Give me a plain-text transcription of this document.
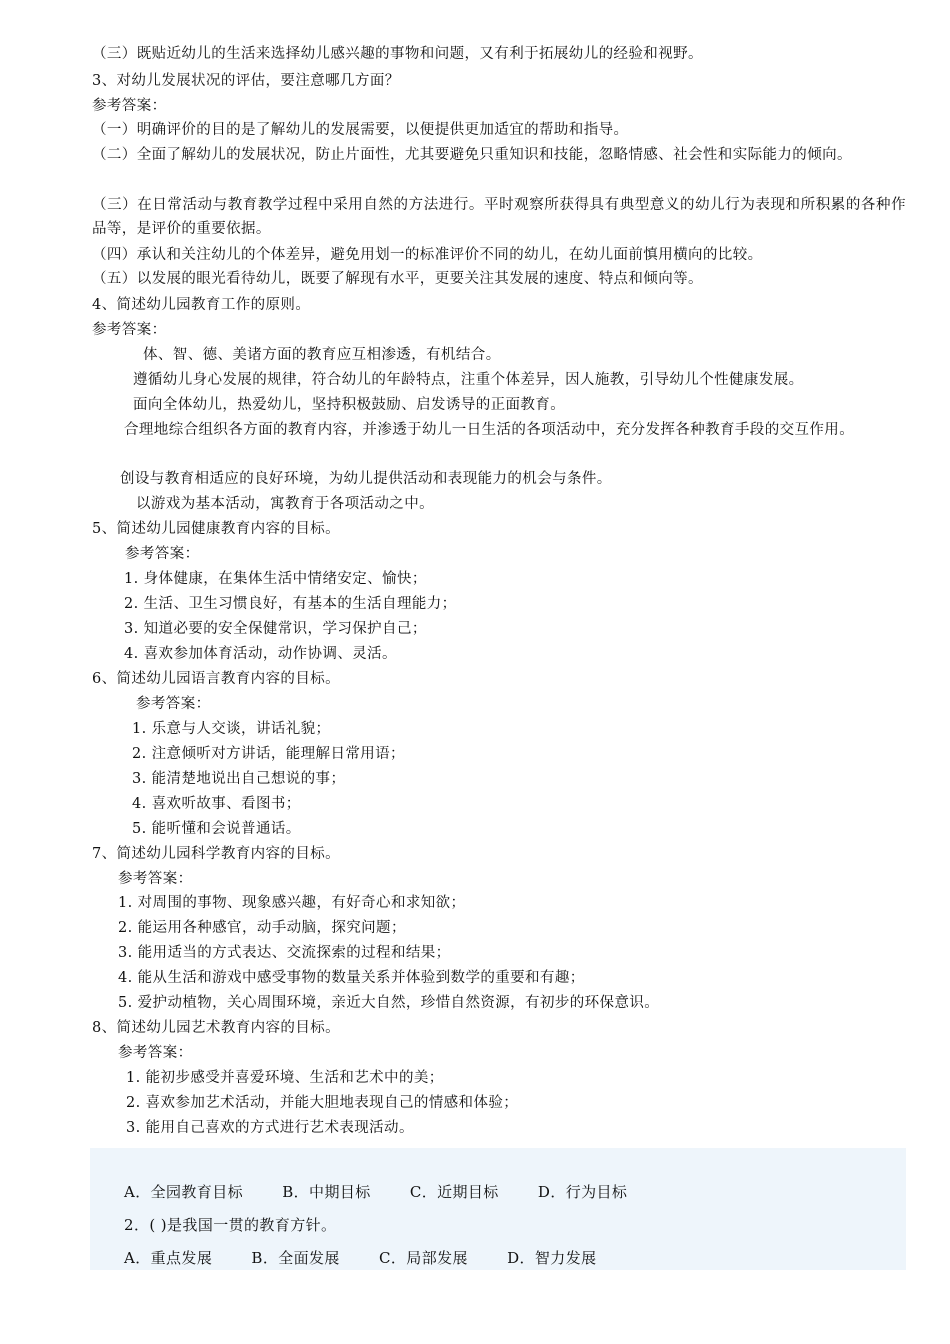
（三）既贴近幼儿的生活来选择幼儿感兴趣的事物和问题，又有利于拓展幼儿的经验和视野。
3、对幼儿发展状况的评估，要注意哪几方面？
参考答案：
（一）明确评价的目的是了解幼儿的发展需要，以便提供更加适宜的帮助和指导。
（二）全面了解幼儿的发展状况，防止片面性，尤其要避免只重知识和技能，忽略情感、社会性和实际能力的倾向。
（三）在日常活动与教育教学过程中采用自然的方法进行。平时观察所获得具有典型意义的幼儿行为表现和所积累的各种作品等，是评价的重要依据。
（四）承认和关注幼儿的个体差异，避免用划一的标准评价不同的幼儿，在幼儿面前慎用横向的比较。
（五）以发展的眼光看待幼儿，既要了解现有水平，更要关注其发展的速度、特点和倾向等。
4、简述幼儿园教育工作的原则。
参考答案：
体、智、德、美诸方面的教育应互相渗透，有机结合。
遵循幼儿身心发展的规律，符合幼儿的年龄特点，注重个体差异，因人施教，引导幼儿个性健康发展。
面向全体幼儿，热爱幼儿，坚持积极鼓励、启发诱导的正面教育。
合理地综合组织各方面的教育内容，并渗透于幼儿一日生活的各项活动中，充分发挥各种教育手段的交互作用。
创设与教育相适应的良好环境，为幼儿提供活动和表现能力的机会与条件。
以游戏为基本活动，寓教育于各项活动之中。
5、简述幼儿园健康教育内容的目标。
参考答案：
1. 身体健康，在集体生活中情绪安定、愉快；
2. 生活、卫生习惯良好，有基本的生活自理能力；
3. 知道必要的安全保健常识，学习保护自己；
4. 喜欢参加体育活动，动作协调、灵活。
6、简述幼儿园语言教育内容的目标。
参考答案：
1. 乐意与人交谈，讲话礼貌；
2. 注意倾听对方讲话，能理解日常用语；
3. 能清楚地说出自己想说的事；
4. 喜欢听故事、看图书；
5. 能听懂和会说普通话。
7、简述幼儿园科学教育内容的目标。
参考答案：
1. 对周围的事物、现象感兴趣，有好奇心和求知欲；
2. 能运用各种感官，动手动脑，探究问题；
3. 能用适当的方式表达、交流探索的过程和结果；
4. 能从生活和游戏中感受事物的数量关系并体验到数学的重要和有趣；
5. 爱护动植物，关心周围环境，亲近大自然，珍惜自然资源，有初步的环保意识。
8、简述幼儿园艺术教育内容的目标。
参考答案：
1. 能初步感受并喜爱环境、生活和艺术中的美；
2. 喜欢参加艺术活动，并能大胆地表现自己的情感和体验；
3. 能用自己喜欢的方式进行艺术表现活动。
A．全园教育目标	B．中期目标	C．近期目标	D．行为目标
2．( )是我国一贯的教育方针。
A．重点发展	B．全面发展	C．局部发展	D．智力发展
